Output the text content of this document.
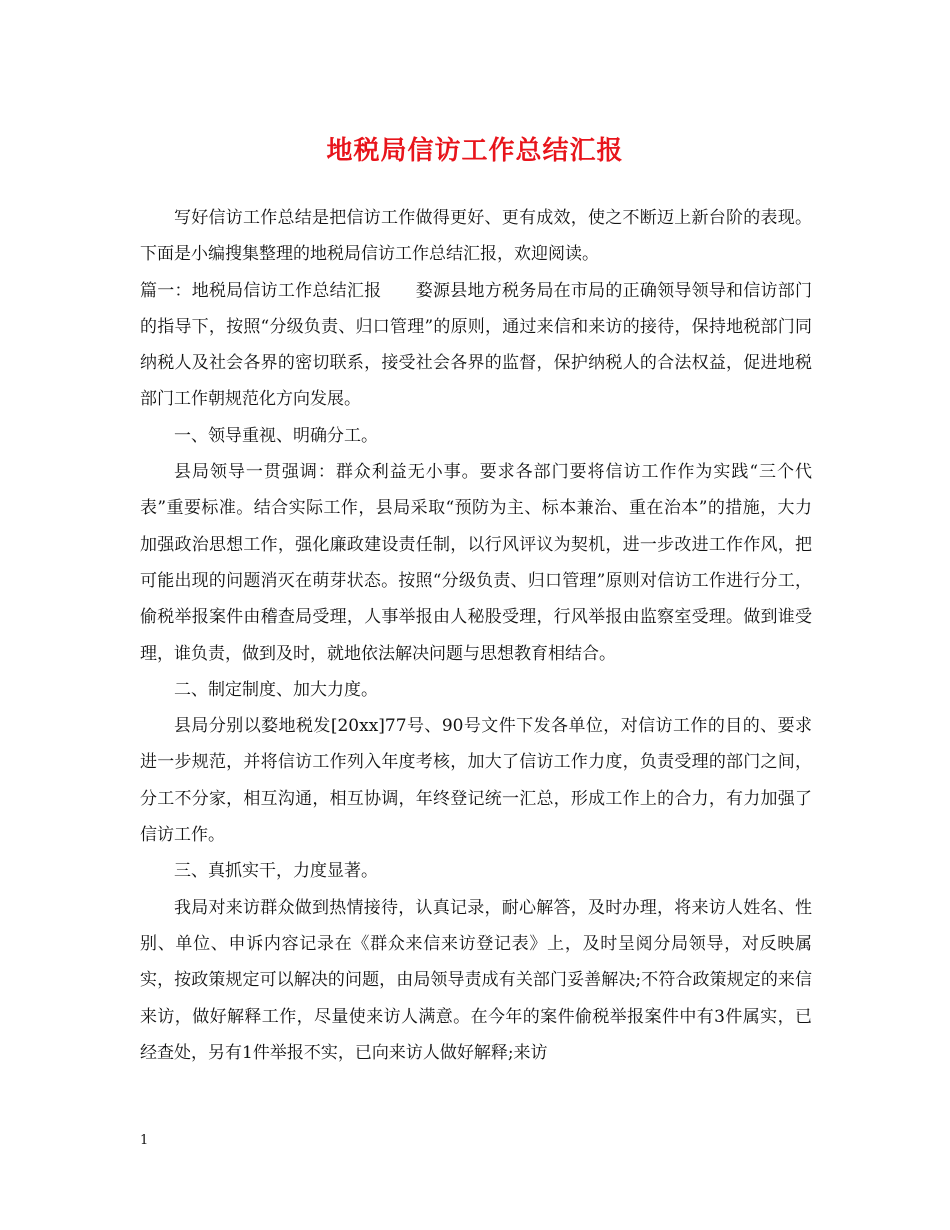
地税局信访工作总结汇报

写好信访工作总结是把信访工作做得更好、更有成效，使之不断迈上新台阶的表现。下面是小编搜集整理的地税局信访工作总结汇报，欢迎阅读。

篇一：地税局信访工作总结汇报　　婺源县地方税务局在市局的正确领导领导和信访部门的指导下，按照“分级负责、归口管理”的原则，通过来信和来访的接待，保持地税部门同纳税人及社会各界的密切联系，接受社会各界的监督，保护纳税人的合法权益，促进地税部门工作朝规范化方向发展。

一、领导重视、明确分工。

县局领导一贯强调：群众利益无小事。要求各部门要将信访工作作为实践“三个代表”重要标准。结合实际工作，县局采取“预防为主、标本兼治、重在治本”的措施，大力加强政治思想工作，强化廉政建设责任制，以行风评议为契机，进一步改进工作作风，把可能出现的问题消灭在萌芽状态。按照“分级负责、归口管理”原则对信访工作进行分工，偷税举报案件由稽查局受理，人事举报由人秘股受理，行风举报由监察室受理。做到谁受理，谁负责，做到及时，就地依法解决问题与思想教育相结合。

二、制定制度、加大力度。

县局分别以婺地税发[20xx]77号、90号文件下发各单位，对信访工作的目的、要求进一步规范，并将信访工作列入年度考核，加大了信访工作力度，负责受理的部门之间，分工不分家，相互沟通，相互协调，年终登记统一汇总，形成工作上的合力，有力加强了信访工作。

三、真抓实干，力度显著。

我局对来访群众做到热情接待，认真记录，耐心解答，及时办理，将来访人姓名、性别、单位、申诉内容记录在《群众来信来访登记表》上，及时呈阅分局领导，对反映属实，按政策规定可以解决的问题，由局领导责成有关部门妥善解决;不符合政策规定的来信来访，做好解释工作，尽量使来访人满意。在今年的案件偷税举报案件中有3件属实，已经查处，另有1件举报不实，已向来访人做好解释;来访

1
